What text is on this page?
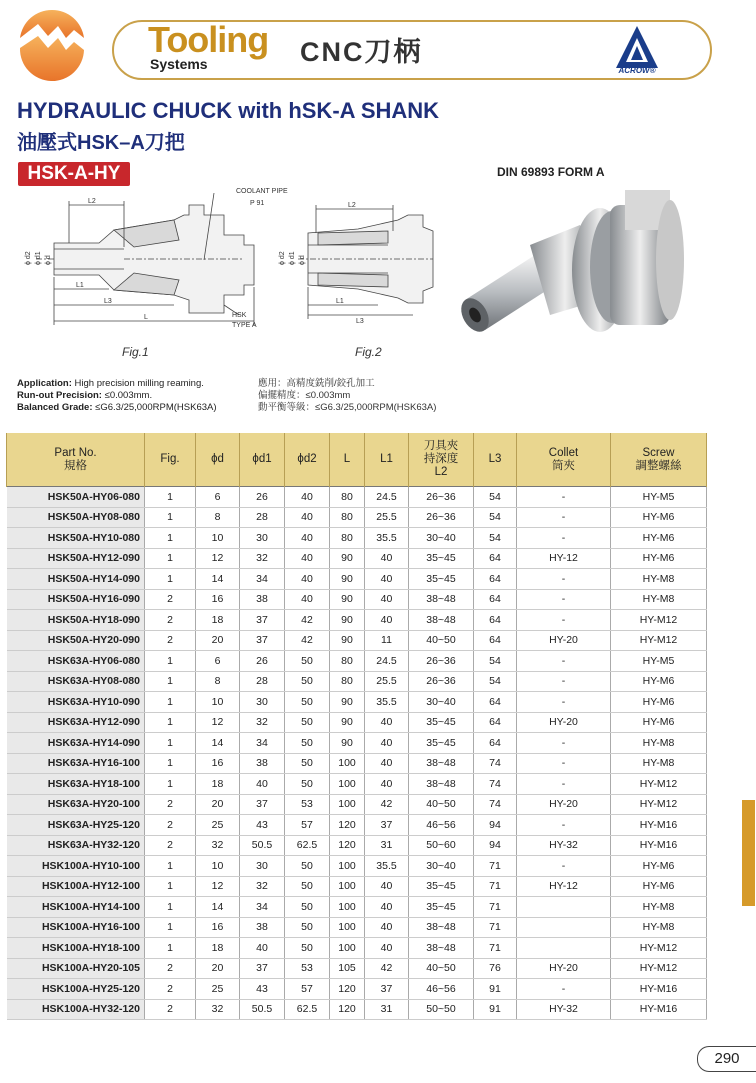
Tooling
Systems	CNC刀柄
ACROW®
HYDRAULIC CHUCK with hSK-A SHANK
油壓式HSK–A刀把
HSK-A-HY	DIN 69893 FORM A
L2
L1
L3
L
ϕ d2 ϕ d1 ϕ d
COOLANT PIPE
P 91
HSK
TYPE A
Fig.1
L2
L1
L3
ϕ d2 ϕ d1 ϕ d
Fig.2
Application: High precision milling reaming.
Run-out Precision: ≤0.003mm.
Balanced Grade: ≤G6.3/25,000RPM(HSK63A)
應用：高精度銑削/鉸孔加工
偏擺精度：≤0.003mm
動平衡等級：≤G6.3/25,000RPM(HSK63A)
Part No.
規格	Fig.	ϕd	ϕd1	ϕd2	L	L1	刀具夾
持深度
L2	L3	Collet
筒夾	Screw
調整螺絲
HSK50A-HY06-080	1	6	26	40	80	24.5	26~36	54	-	HY-M5
HSK50A-HY08-080	1	8	28	40	80	25.5	26~36	54	-	HY-M6
HSK50A-HY10-080	1	10	30	40	80	35.5	30~40	54	-	HY-M6
HSK50A-HY12-090	1	12	32	40	90	40	35~45	64	HY-12	HY-M6
HSK50A-HY14-090	1	14	34	40	90	40	35~45	64	-	HY-M8
HSK50A-HY16-090	2	16	38	40	90	40	38~48	64	-	HY-M8
HSK50A-HY18-090	2	18	37	42	90	40	38~48	64	-	HY-M12
HSK50A-HY20-090	2	20	37	42	90	11	40~50	64	HY-20	HY-M12
HSK63A-HY06-080	1	6	26	50	80	24.5	26~36	54	-	HY-M5
HSK63A-HY08-080	1	8	28	50	80	25.5	26~36	54	-	HY-M6
HSK63A-HY10-090	1	10	30	50	90	35.5	30~40	64	-	HY-M6
HSK63A-HY12-090	1	12	32	50	90	40	35~45	64	HY-20	HY-M6
HSK63A-HY14-090	1	14	34	50	90	40	35~45	64	-	HY-M8
HSK63A-HY16-100	1	16	38	50	100	40	38~48	74	-	HY-M8
HSK63A-HY18-100	1	18	40	50	100	40	38~48	74	-	HY-M12
HSK63A-HY20-100	2	20	37	53	100	42	40~50	74	HY-20	HY-M12
HSK63A-HY25-120	2	25	43	57	120	37	46~56	94	-	HY-M16
HSK63A-HY32-120	2	32	50.5	62.5	120	31	50~60	94	HY-32	HY-M16
HSK100A-HY10-100	1	10	30	50	100	35.5	30~40	71	-	HY-M6
HSK100A-HY12-100	1	12	32	50	100	40	35~45	71	HY-12	HY-M6
HSK100A-HY14-100	1	14	34	50	100	40	35~45	71		HY-M8
HSK100A-HY16-100	1	16	38	50	100	40	38~48	71		HY-M8
HSK100A-HY18-100	1	18	40	50	100	40	38~48	71		HY-M12
HSK100A-HY20-105	2	20	37	53	105	42	40~50	76	HY-20	HY-M12
HSK100A-HY25-120	2	25	43	57	120	37	46~56	91	-	HY-M16
HSK100A-HY32-120	2	32	50.5	62.5	120	31	50~50	91	HY-32	HY-M16
290
